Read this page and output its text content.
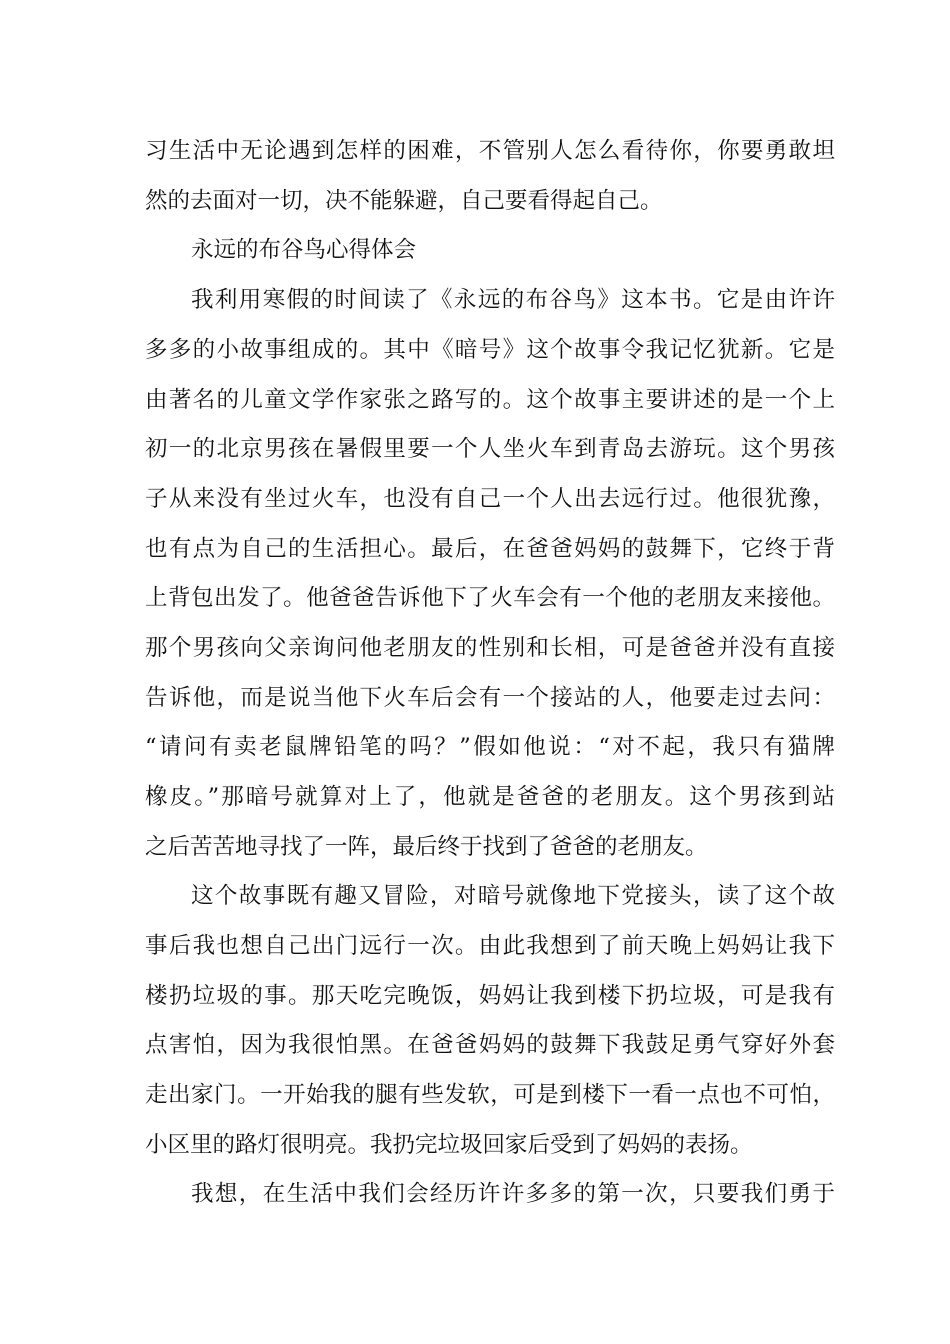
习生活中无论遇到怎样的困难，不管别人怎么看待你，你要勇敢坦
然的去面对一切，决不能躲避，自己要看得起自己。
永远的布谷鸟心得体会
我利用寒假的时间读了《永远的布谷鸟》这本书。它是由许许
多多的小故事组成的。其中《暗号》这个故事令我记忆犹新。它是
由著名的儿童文学作家张之路写的。这个故事主要讲述的是一个上
初一的北京男孩在暑假里要一个人坐火车到青岛去游玩。这个男孩
子从来没有坐过火车，也没有自己一个人出去远行过。他很犹豫，
也有点为自己的生活担心。最后，在爸爸妈妈的鼓舞下，它终于背
上背包出发了。他爸爸告诉他下了火车会有一个他的老朋友来接他。
那个男孩向父亲询问他老朋友的性别和长相，可是爸爸并没有直接
告诉他，而是说当他下火车后会有一个接站的人，他要走过去问：
“请问有卖老鼠牌铅笔的吗？”假如他说：“对不起，我只有猫牌
橡皮。”那暗号就算对上了，他就是爸爸的老朋友。这个男孩到站
之后苦苦地寻找了一阵，最后终于找到了爸爸的老朋友。
这个故事既有趣又冒险，对暗号就像地下党接头，读了这个故
事后我也想自己出门远行一次。由此我想到了前天晚上妈妈让我下
楼扔垃圾的事。那天吃完晚饭，妈妈让我到楼下扔垃圾，可是我有
点害怕，因为我很怕黑。在爸爸妈妈的鼓舞下我鼓足勇气穿好外套
走出家门。一开始我的腿有些发软，可是到楼下一看一点也不可怕，
小区里的路灯很明亮。我扔完垃圾回家后受到了妈妈的表扬。
我想，在生活中我们会经历许许多多的第一次，只要我们勇于
